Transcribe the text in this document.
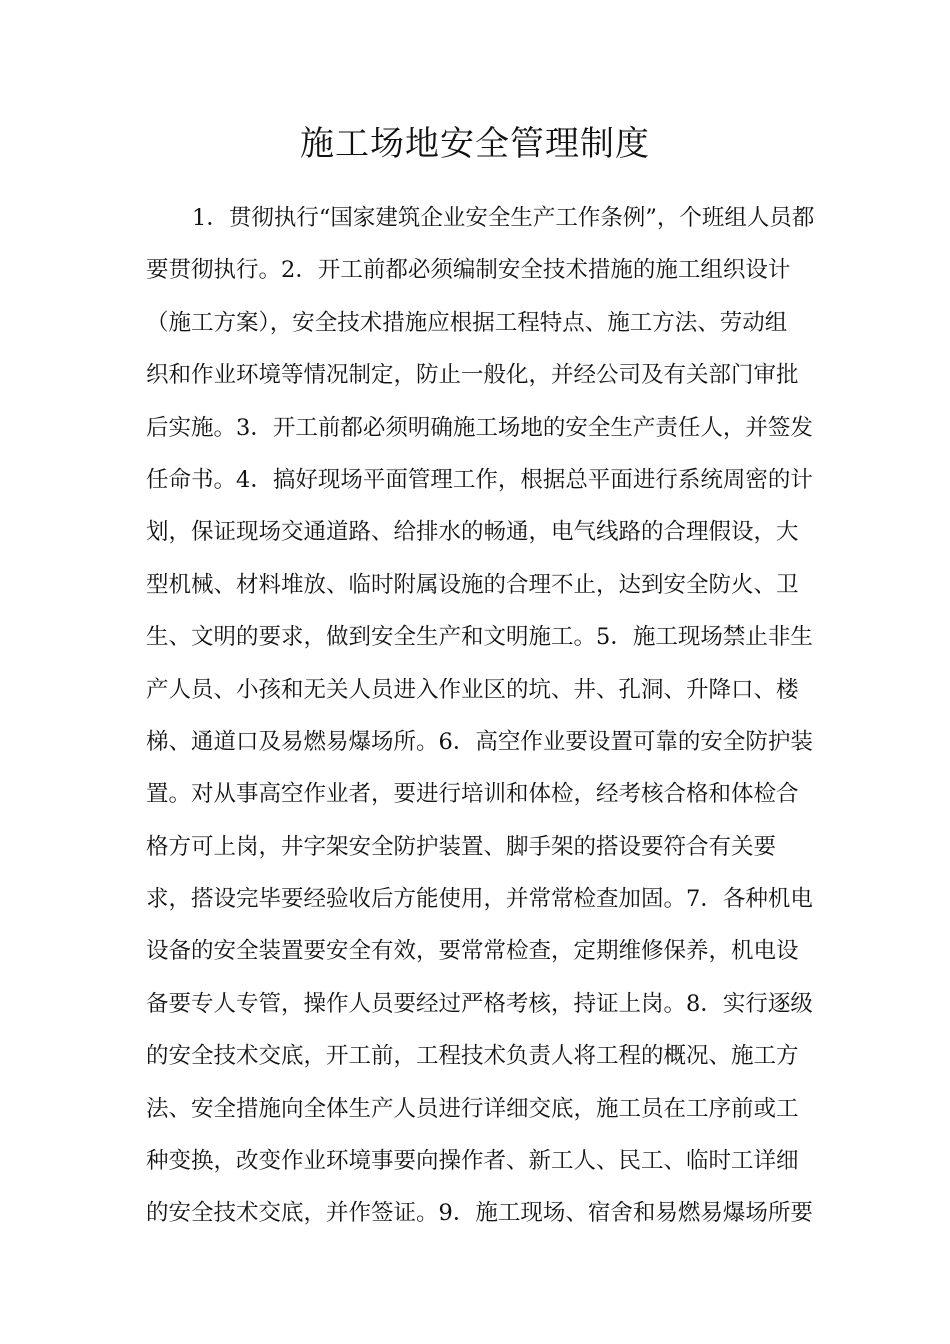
施工场地安全管理制度
1．贯彻执行“国家建筑企业安全生产工作条例”，个班组人员都
要贯彻执行。2．开工前都必须编制安全技术措施的施工组织设计
（施工方案），安全技术措施应根据工程特点、施工方法、劳动组
织和作业环境等情况制定，防止一般化，并经公司及有关部门审批
后实施。3．开工前都必须明确施工场地的安全生产责任人，并签发
任命书。4．搞好现场平面管理工作，根据总平面进行系统周密的计
划，保证现场交通道路、给排水的畅通，电气线路的合理假设，大
型机械、材料堆放、临时附属设施的合理不止，达到安全防火、卫
生、文明的要求，做到安全生产和文明施工。5．施工现场禁止非生
产人员、小孩和无关人员进入作业区的坑、井、孔洞、升降口、楼
梯、通道口及易燃易爆场所。6．高空作业要设置可靠的安全防护装
置。对从事高空作业者，要进行培训和体检，经考核合格和体检合
格方可上岗，井字架安全防护装置、脚手架的搭设要符合有关要
求，搭设完毕要经验收后方能使用，并常常检查加固。7．各种机电
设备的安全装置要安全有效，要常常检查，定期维修保养，机电设
备要专人专管，操作人员要经过严格考核，持证上岗。8．实行逐级
的安全技术交底，开工前，工程技术负责人将工程的概况、施工方
法、安全措施向全体生产人员进行详细交底，施工员在工序前或工
种变换，改变作业环境事要向操作者、新工人、民工、临时工详细
的安全技术交底，并作签证。9．施工现场、宿舍和易燃易爆场所要
